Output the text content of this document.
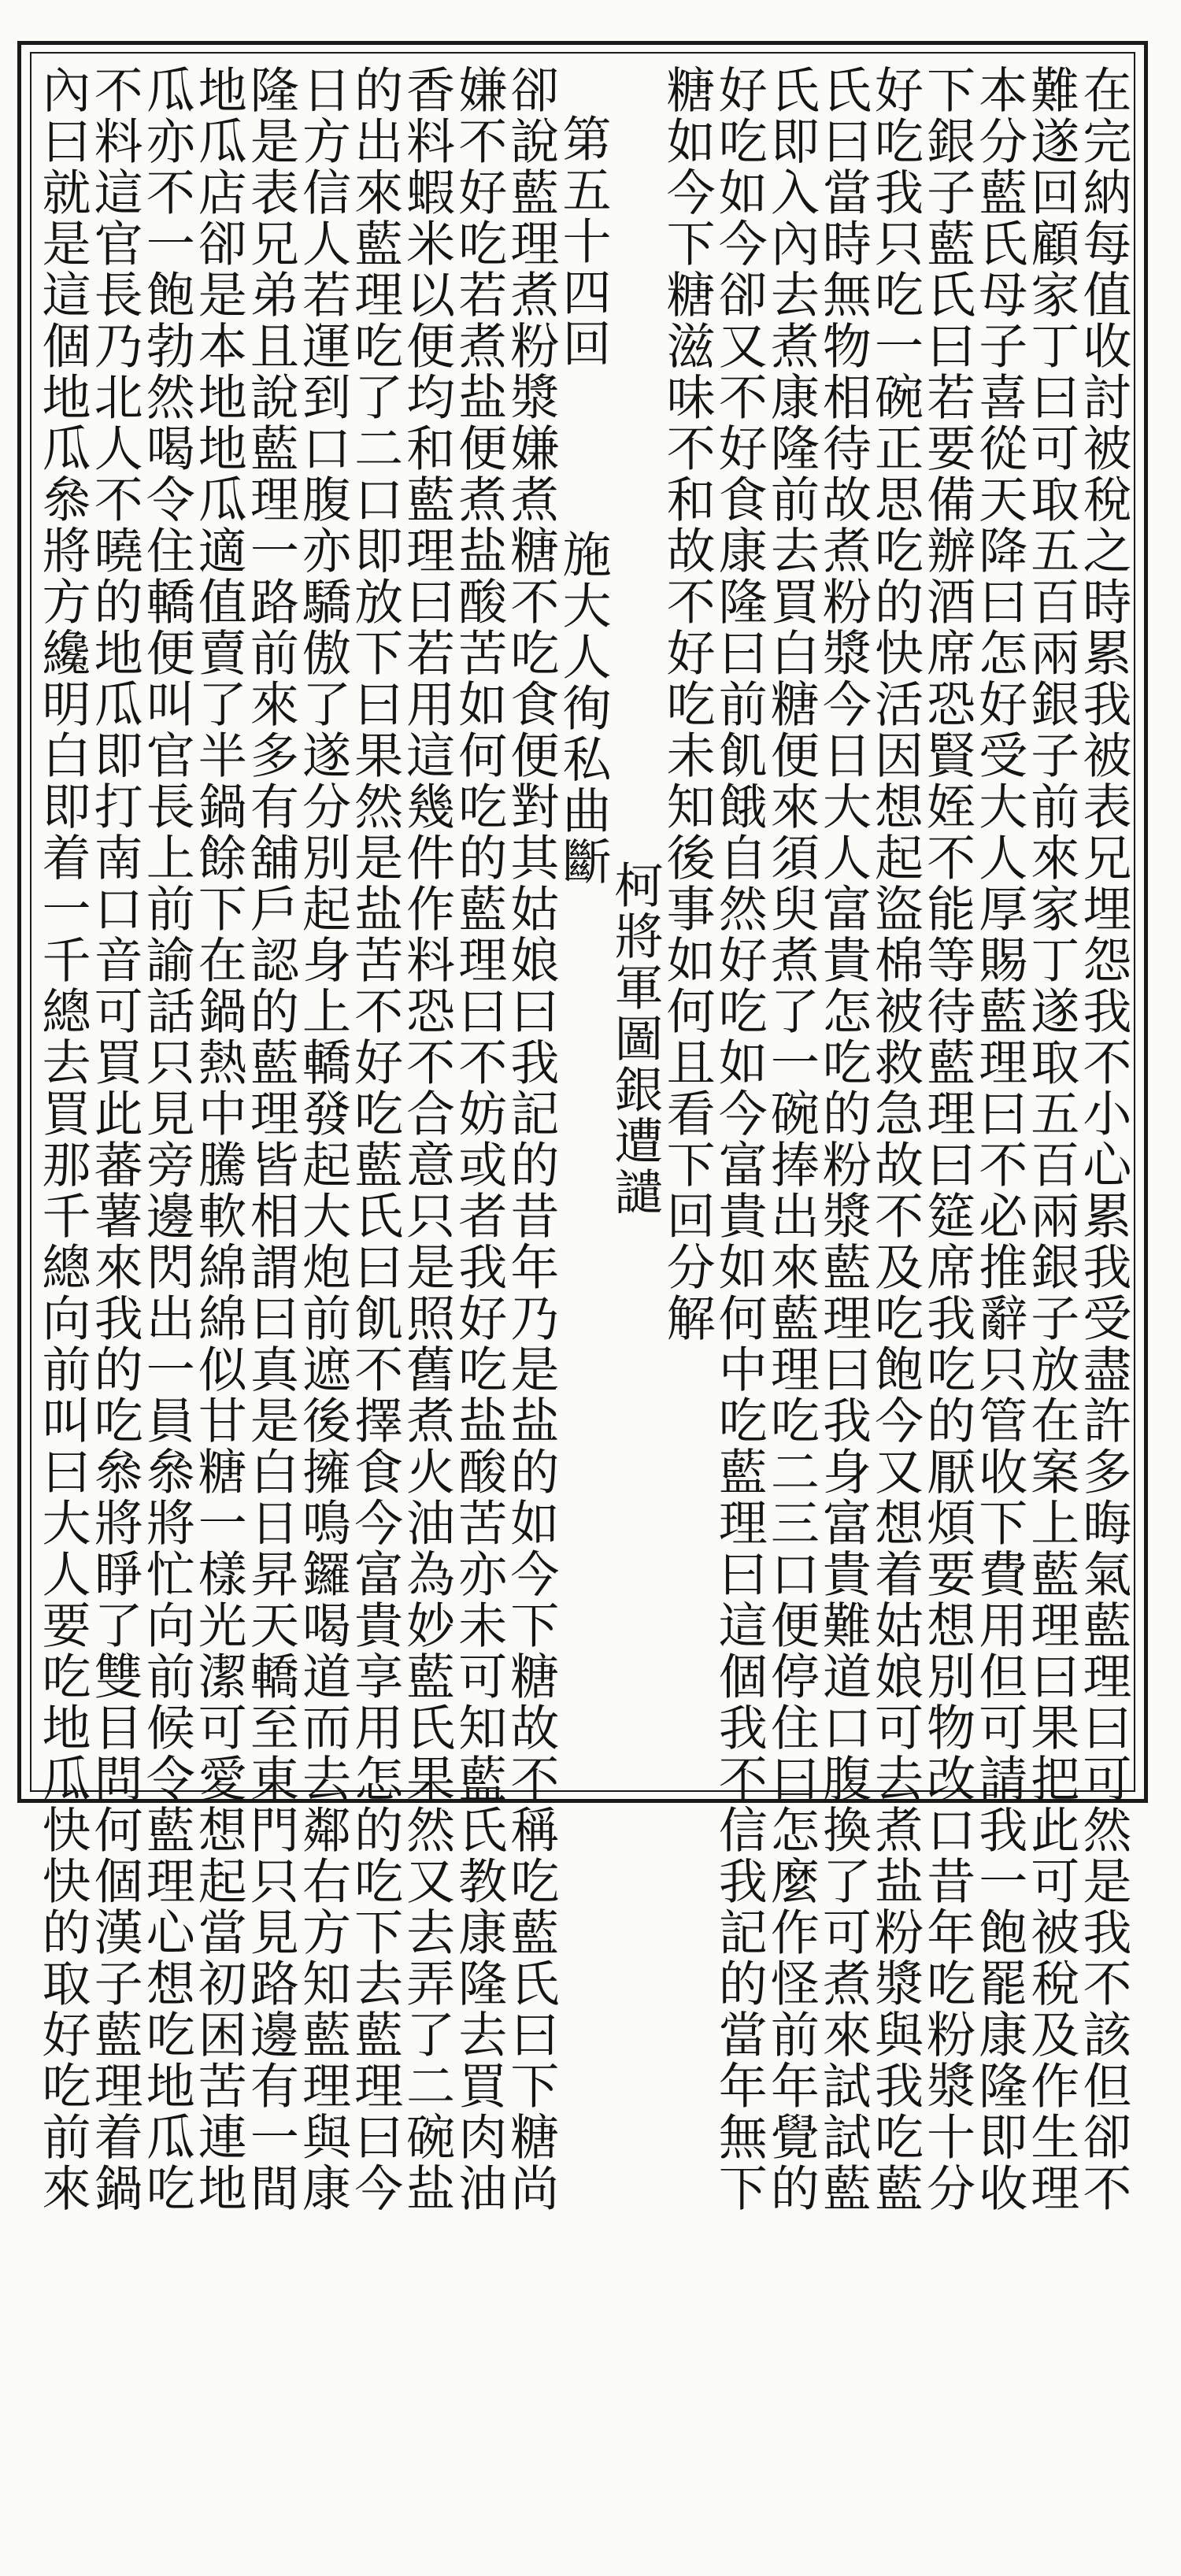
在完納每值收討被稅之時累我被表兄埋怨我不小心累我受盡許多晦氣藍理曰可然是我不該但卻不
難遂回顧家丁曰可取五百兩銀子前來家丁遂取五百兩銀子放在案上藍理曰果把此可被稅及作生理
本分藍氏母子喜從天降曰怎好受大人厚賜藍理曰不必推辭只管收下費用但可請我一飽罷康隆即收
下銀子藍氏曰若要備辦酒席恐賢姪不能等待藍理曰筵席我吃的厭煩要想別物改口昔年吃粉漿十分
好吃我只吃一碗正思吃的快活因想起盜棉被救急故不及吃飽今又想着姑娘可去煮盐粉漿與我吃藍
氏曰當時無物相待故煮粉漿今日大人富貴怎吃的粉漿藍理曰我身富貴難道口腹換了可煮來試試藍
氏即入內去煮康隆前去買白糖便來須臾煮了一碗捧出來藍理吃二三口便停住曰怎麼作怪前年覺的
好吃如今卻又不好食康隆曰前飢餓自然好吃如今富貴如何中吃藍理曰這個我不信我記的當年無下
糖如今下糖滋味不和故不好吃未知後事如何且看下回分解
柯將軍圖銀遭譴
第五十四回 施大人徇私曲斷
卻說藍理煮粉漿嫌煮糖不吃食便對其姑娘曰我記的昔年乃是盐的如今下糖故不稱吃藍氏曰下糖尚
嫌不好吃若煮盐便煮盐酸苦如何吃的藍理曰不妨或者我好吃盐酸苦亦未可知藍氏教康隆去買肉油
香料蝦米以便均和藍理曰若用這幾件作料恐不合意只是照舊煮火油為妙藍氏果然又去弄了二碗盐
的出來藍理吃了二口即放下曰果然是盐苦不好吃藍氏曰飢不擇食今富貴享用怎的吃下去藍理曰今
日方信人若運到口腹亦驕傲了遂分別起身上轎發起大炮前遮後擁鳴鑼喝道而去鄰右方知藍理與康
隆是表兄弟且說藍理一路前來多有舖戶認的藍理皆相謂曰真是白日昇天轎至東門只見路邊有一間
地瓜店卻是本地地瓜適值賣了半鍋餘下在鍋熱中騰軟綿綿似甘糖一樣光潔可愛想起當初困苦連地
瓜亦不一飽勃然喝令住轎便叫官長上前諭話只見旁邊閃出一員叅將忙向前候令藍理心想吃地瓜吃
不料這官長乃北人不曉的地瓜即打南口音可買此蕃薯來我的吃叅將睜了雙目問何個漢子藍理着鍋
內曰就是這個地瓜叅將方纔明白即着一千總去買那千總向前叫曰大人要吃地瓜快快的取好吃前來
